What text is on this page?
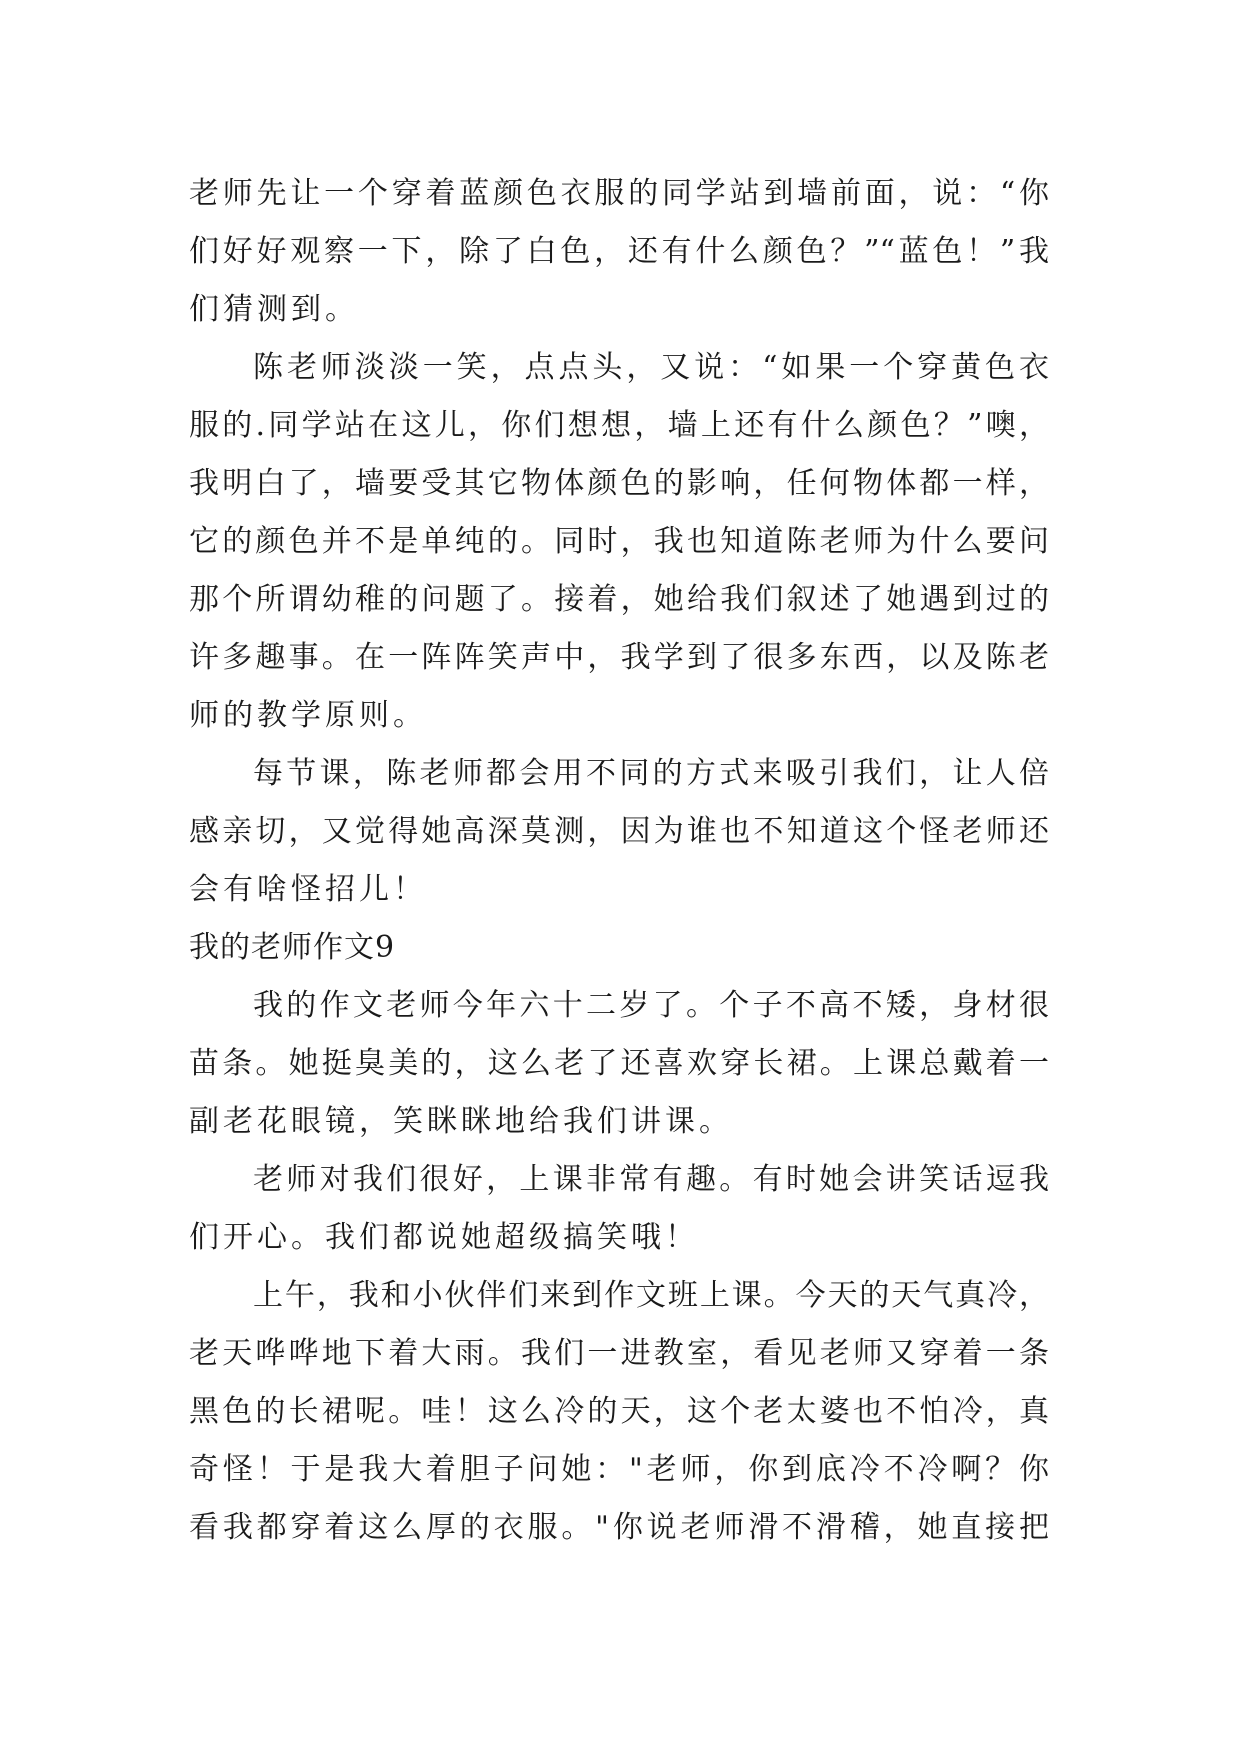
老师先让一个穿着蓝颜色衣服的同学站到墙前面，说：“你
们好好观察一下，除了白色，还有什么颜色？”“蓝色！”我
们猜测到。
陈老师淡淡一笑，点点头，又说：“如果一个穿黄色衣
服的.同学站在这儿，你们想想，墙上还有什么颜色？”噢，
我明白了，墙要受其它物体颜色的影响，任何物体都一样，
它的颜色并不是单纯的。同时，我也知道陈老师为什么要问
那个所谓幼稚的问题了。接着，她给我们叙述了她遇到过的
许多趣事。在一阵阵笑声中，我学到了很多东西，以及陈老
师的教学原则。
每节课，陈老师都会用不同的方式来吸引我们，让人倍
感亲切，又觉得她高深莫测，因为谁也不知道这个怪老师还
会有啥怪招儿！
我的老师作文9
我的作文老师今年六十二岁了。个子不高不矮，身材很
苗条。她挺臭美的，这么老了还喜欢穿长裙。上课总戴着一
副老花眼镜，笑眯眯地给我们讲课。
老师对我们很好，上课非常有趣。有时她会讲笑话逗我
们开心。我们都说她超级搞笑哦！
上午，我和小伙伴们来到作文班上课。今天的天气真冷，
老天哗哗地下着大雨。我们一进教室，看见老师又穿着一条
黑色的长裙呢。哇！这么冷的天，这个老太婆也不怕冷，真
奇怪！于是我大着胆子问她："老师，你到底冷不冷啊？你
看我都穿着这么厚的衣服。"你说老师滑不滑稽，她直接把
